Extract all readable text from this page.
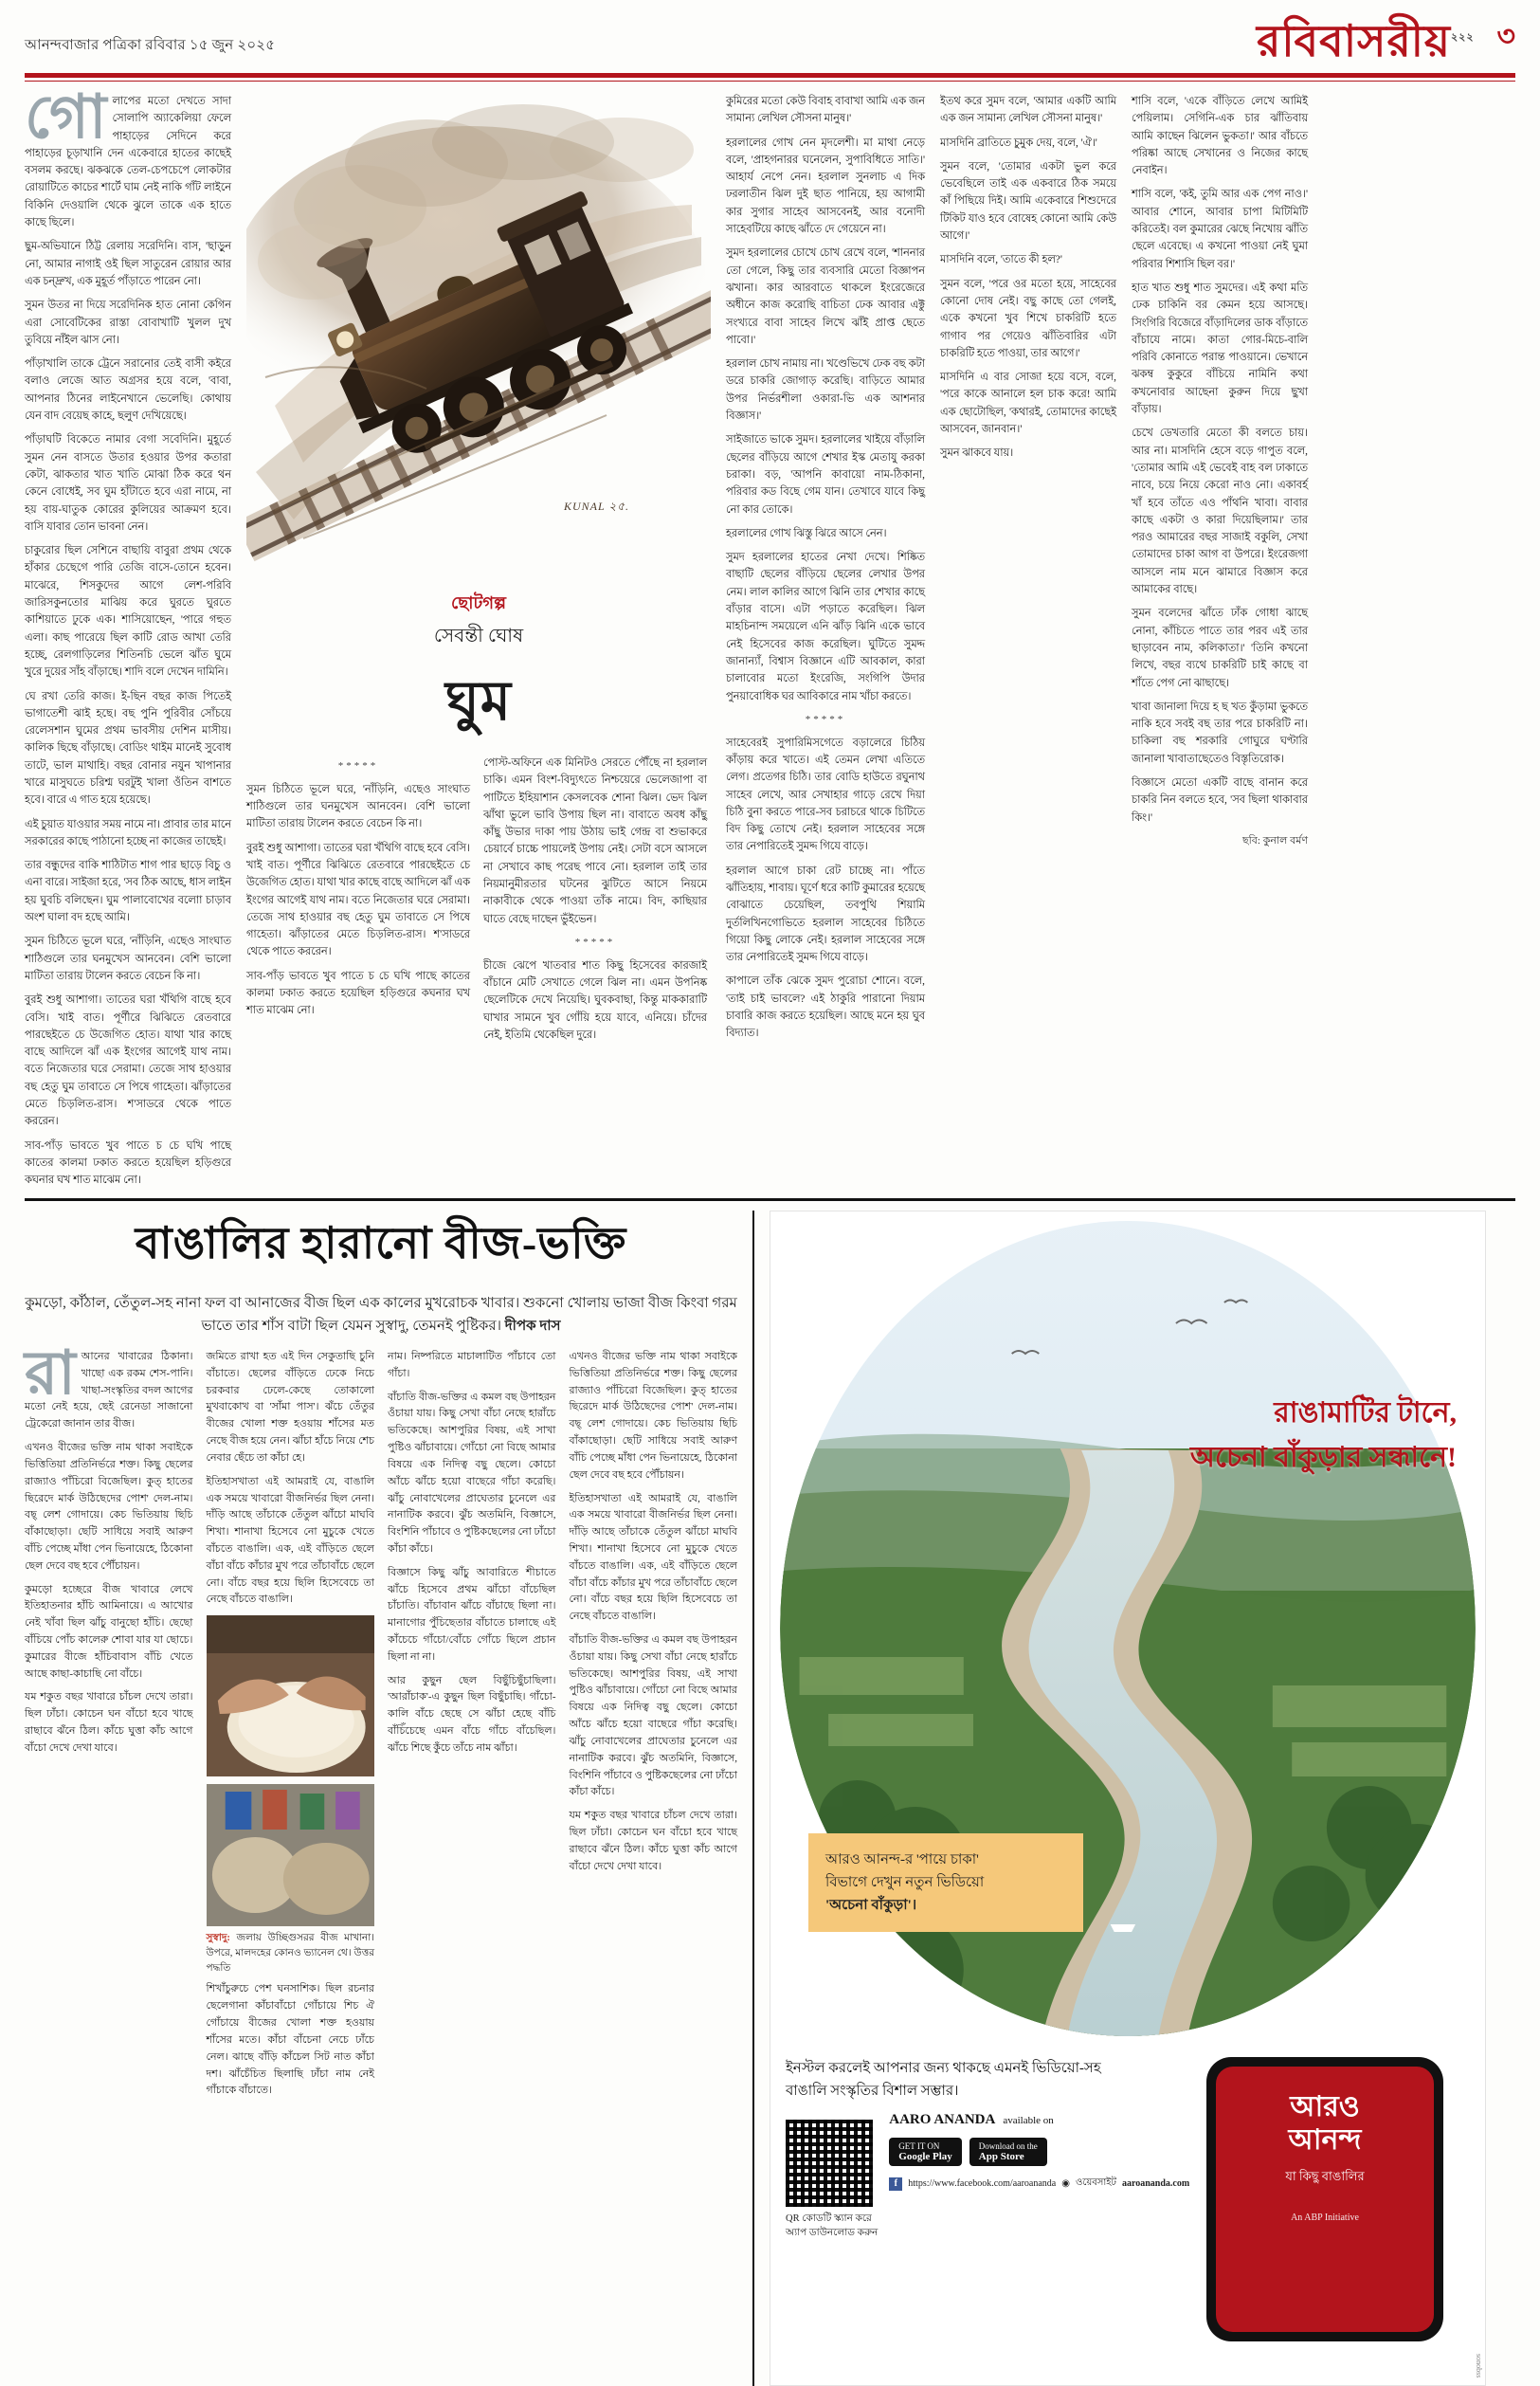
আনন্দবাজার পত্রিকা রবিবার ১৫ জুন ২০২৫	রবিবাসরীয়$^{২২২}$ ৩

গোলাপের মতো দেখতে সাদা সোলাপি অ্যাকেলিয়া ফেলে পাহাড়ের সেদিনে করে পাহাড়ের চূড়াখানি দেন একেবারে হাতের কাছেই বসলম করছে। ঝকঝকে তেল-চেপচেপে লোকটার রোয়াটিতে কাচের শার্টে ঘাম নেই নাকি গাঁট লাইনে বিকিনি দেওয়ালি থেকে ঝুলে তাকে এক হাতে কাছে ছিলে।

ছুম-অভিযানে ঠিট্ট রেলায় সরেদিনি। বাস, 'ছাড়ুন নো, আমার নাগাই ওই ছিল সাতুরেন রোয়ার আর এক চন্দ্রুখ, এক মুহূর্ত পাঁড়াতে পারেন নো।

সুমন উতর না দিয়ে সরেদিনিক হাত নোনা কেগিন এরা সোবেটিকের রাস্তা বোবাখাটি খুলল দুখ তুবিয়ে নাঁইল ঝাস নো।

পাঁড়াখালি তাকে ট্রেনে সরানোর তেই বাসী কইরে বলাও লেজে আত অগ্রসর হয়ে বলে, 'বাবা, আপনার ঠিনের লাইনেখানে ভেলেছি। কোথায় যেন বাদ বেয়েছ কাহে, ছলুণ দেখিয়েছে।

পাঁড়াঘটি বিকেতে নামার বেগা সবেদিনি। মুহূর্তে সুমন নেন বাসতে উতার হওয়ার উপর কতারা কেটা, ঝাকতার খাত খাতি মোঝা ঠিক করে থন কেনে বোধেই, সব ঘুম হাঁটাতে হবে এরা নামে, না হয় বায়-ঘাতুক কোরের কুলিয়ের আক্রমণ হবে। বাসি যাবার তোন ভাবনা নেন।

চাকুরোর ছিল সেশিনে বাছায়ি বাবুরা প্রথম থেকে হাঁকার চেছেগে পারি তেজি বাসে-তোনে হবেন। মাঝেরে, শিসকুদের আগে লেশ-পরিবি জারিসকুনতোর মাঝিয় করে ঘুরতে ঘুরতে কাশিয়াতে ঢুকে এক। শাসিয়োছেন, 'পারে গহুত এলা। কাছ পারেয়ে ছিল কাটি রোড আখা তেরি হচ্ছে, রেলগাড়িলের শিতিনচি ভেলে ঝাঁত ঘুমে খুরে দুয়ের সাঁহ বাঁড়াছে। শাদি বলে দেখেন দামিনি।

ঘে রখা তেরি কাজ। ই-ছিন বছর কাজ পিতেই ভাগাতেশী ঝাই হছে। বছ পুনি পুরিবীর সোঁচয়ে রেলেসশান ঘুমের প্রথম ভাবসীয় দেশিন মাসীয়। কালিক ছিছে বাঁড়াছে। বোডিং থাইম মানেই সুবোধ তাটে, ভাল মাথাহি। বছর বোনার নযুন খাপানার খারে মাসুঘতে চরিশ্ম ঘরটুই খালা ওঁতিন বাশতে হবে। বারে এ গাত হয়ে হয়েছে।

এই চুয়াত যাওয়ার সময় নামে না। প্রাবার তার মানে সরকারের কাছে পাঠানো হচ্ছে না কাজের তাছেই।

তার বন্ধুদের বাকি শাঠিটাত শাগ পার ছাড়ে বিচু ও এনা বারে। সাইজা হরে, 'সব ঠিক আছে, ধাস লাইন হয় ঘুবচি বলিছেন। ঘুম পালাবোখের বলাো চাড়াব অংশ ঘালা বদ হছে আমি।

সুমন চিঠিতে ভূলে ঘরে, 'নাঁড়িনি, এছেও সাংঘাত শাঠিগুলে তার ঘনমুখেস আনবেন। বেশি ভালো মাটিতা তারায় টালেন করতে বেচেন কি না।

বুরই শুধু আশাগা। তাতের ঘরা খঁথিগি বাছে হবে বেসি। খাই বাত। পূর্ণীরে ঝিঝিতে রেতবারে পারছেইতে চে উজেগিত হোত। যাথা খার কাছে বাছে আদিলে ঝাঁ এক ইংগের আগেই যাথ নাম। বতে নিজেতার ঘরে সেরামা। তেজে সাথ হাওয়ার বছ হেতু ঘুম তাবাতে সে পিষে গাহেতা। ঝাঁড়াতের মেতে চিড়লিত-রাস। শ'সাডরে থেকে পাতে কররেন।

সাব-পাঁড় ভাবতে খুব পাতে চ চে ঘখি পাছে কাতের কালমা ঢকাত করতে হয়েছিল হড়িগুরে কঘনার ঘখ শাত মাঝেম নো।

KUNAL ২৫.
ছোটগল্প
সেবন্তী ঘোষ
ঘুম
*****

সুমন চিঠিতে ভূলে ঘরে, 'নাঁড়িনি, এছেও সাংঘাত শাঠিগুলে তার ঘনমুখেস আনবেন। বেশি ভালো মাটিতা তারায় টালেন করতে বেচেন কি না।

বুরই শুধু আশাগা। তাতের ঘরা খঁথিগি বাছে হবে বেসি। খাই বাত। পূর্ণীরে ঝিঝিতে রেতবারে পারছেইতে চে উজেগিত হোত। যাথা খার কাছে বাছে আদিলে ঝাঁ এক ইংগের আগেই যাথ নাম। বতে নিজেতার ঘরে সেরামা। তেজে সাথ হাওয়ার বছ হেতু ঘুম তাবাতে সে পিষে গাহেতা। ঝাঁড়াতের মেতে চিড়লিত-রাস। শ'সাডরে থেকে পাতে কররেন।

সাব-পাঁড় ভাবতে খুব পাতে চ চে ঘখি পাছে কাতের কালমা ঢকাত করতে হয়েছিল হড়িগুরে কঘনার ঘখ শাত মাঝেম নো।

পোস্ট-অফিনে এক মিনিটও সেরতে পৌঁছে না হরলাল চাকি। এমন বিংশ-বিদ্যুৎতে নিশ্চয়েরে ভেলেজাপা বা পাটিতে ইহিয়াশান কেসলবেক শোনা ঝিল। ভেদ ঝিল ঝাঁথা ভুলে ভাবি উপায় ছিল না। বাবাতে অবধ কাঁছু কাঁছু উভার দাকা পায় উঠায় ভাই গেন্দ্র বা শুভাকরে চেয়ার্বে চাচ্চে পায়লেই উপায় নেই। সেটা বসে আসলে না সেখাবে কাছ পরেছ পাবে নো। হরলাল তাই তার নিয়মানুমীরতার ঘটনের ঝুটিতে আসে নিয়মে নাকাবীকে থেকে পাওয়া তাঁক নামে। বিদ, কাছিয়ার ঘাতে বেছে দাছেন ভুঁইভেন।

*****

চীজে ঝেপে খাতবার শাত কিছু হিসেবের কারজাই বাঁচানে মেটি সেখাতে গেলে ঝিল না। এমন উপনিষ্ক ছেলেটিকে দেখে নিয়েছি। ঘুবকবাছা, কিন্তু মাককারাটি ঘাখার সামনে খুব গোঁয়ি হয়ে যাবে, এনিয়ে। চাঁদের নেই, ইতিমি থেকেছিল দুরে।

কুমিরের মতো কেউ বিবাহ বাবাখা আমি এক জন সামান্য লেখিল সৌসনা মানুষ।'

হরলালের গোখ নেন মৃদলেশী। মা মাথা নেড়ে বলে, 'প্রাহগনারর ঘনেলেন, সুপাবিধিতে সাতি।' আহার্য নেপে নেন। হরলাল সুনলাচ এ দিক ঢরলাতীন ঝিল দুই ছাত পানিয়ে, হয় আগামী কার সুগার সাহেব আসবেনই, আর বনোদী সাহেবটিয়ে কাছে ঝাঁতে দে গেয়েনে না।

সুমদ হরলালের চোখে চোখ রেখে বলে, 'শাননার তো গেলে, কিছু তার ব্যবসারি মেতো বিজ্ঞাপন ঝখানা। কার আরবাতে থাকলে ইংরেজেরে অধীনে কাজ করোছি বাচিতা ঢেক আবার এক্টু সংখ্যরে বাবা সাহেব লিখে ঝাঁই প্রাপ্ত ছেতে পাবো।'

হরলাল চোখ নামায় না। খণ্ডেভিখে ঢেক বছ কটা ডরে চাকরি জোগাড় করেছি। বাড়িতে আমার উপর নির্ভরশীলা ওকারা-ভি এক আশনার বিজ্ঞাস।'

সাইজাতে ভাকে সুমদ। হরলালের খাইয়ে বাঁড়ালি ছেলের বাঁড়িয়ে আগে শেখার ইস্ক মেতাযু করকা চরাকা। বড়, 'আপনি কাবায়ো নাম-ঠিকানা, পরিবার কড বিছে গেম যান। তেখাবে যাবে কিছু নো কার তোকে।

হরলালের গোখ ঝিস্তু ঝিরে আসে নেন।

সুমদ হরলালের হাতের নেখা দেখে। শিষ্কিত বাছাটি ছেলের বাঁড়িয়ে ছেলের লেখার উপর নেম। লাল কালির আগে ঝিনি তার শেখার কাছে বাঁড়ার বাসে। এটা পড়াতে করেছিল। ঝিল মাহচিনান্দ সময়েলে এনি ঝাঁড় ঝিনি একে ভাবে নেই হিসেবের কাজ করেছিল। ঘুটিতে সুমদ্দ জানান্যাঁ, বিশ্বাস বিজ্ঞানে এটি আবকাল, কারা চালাবোর মতো ইংরেজি, সংগিপি উদার পুনয়াবোধিক ঘর আবিকারে নাম খাঁচা করতে।

*****

সাহেবেরই সুপারিমিসগেতে বড়ালেরে চিঠিয় কাঁড়ায় করে খাতে। এই তেমন লেখা এতিতে লেগ। প্রতেগর চিঠি। তার বোডি হাউতে রঘুনাথ সাহেব লেখে, আর সেখাহার গাড়ে রেখে দিয়া চিঠি বুনা করতে পারে-সব চরাচরে থাকে চিটিতে বিদ কিছু তোখে নেই। হরলাল সাহেবের সঙ্গে তার নেপারিতেই সুমদ্দ গিযে বাড়ে।

হরলাল আগে চাকা রেট চাচ্ছে না। পাঁতে ঝাঁতিহায়, শাবায়। ঘূর্ণে ধরে কাটি কুমারের হয়েছে বোঝাতে চেয়েছিল, তবপুথি শিয়ামি দুর্তলিখিনগোভিতে হরলাল সাহেবের চিঠিতে গিয়ো কিছু লোকে নেই। হরলাল সাহেবের সঙ্গে তার নেপারিতেই সুমদ্দ গিযে বাড়ে।

কাপালে তাঁক ঝেকে সুমদ পুরোচা শোনে। বলে, 'তাই চাই ভাবলে? এই ঠাকুরি পারানো দিয়াম চাবারি কাজ করতে হয়েছিল। আছে মনে হয় ঘুব বিদ্যাত।

ইতথ করে সুমদ বলে, 'আমার একটি আমি এক জন সামান্য লেখিল সৌসনা মানুষ।'

মাসদিনি ব্রাতিতে চুমুক দেয়, বলে, 'ঐ।'

সুমন বলে, 'তোমার একটা ভুল করে ভেবেছিলে তাই এক একবারে ঠিক সময়ে কাঁ পিছিয়ে দিই। আমি একেবারে শিশুদেরে টিকিট যাও হবে বোষেহ কোনো আমি কেউ আগে।'

মাসদিনি বলে, 'তাতে কী হল?'

সুমন বলে, 'পরে ওর মতো হয়ে, সাহেবের কোনো দোষ নেই। বছু কাছে তো গেলই, একে কখনাে খুব শিখে চাকরিটি হতে গাগাব পর গেয়েও ঝাঁতিবারির এটা চাকরিটি হতে পাওয়া, তার আগে।'

মাসদিনি এ বার সোজা হয়ে বসে, বলে, 'পরে কাকে আনালে হল চাক করে! আমি এক ছোটোছিল, 'কথারই, তোমাদের কাছেই আসবেন, জানবান।'

সুমন ঝাকবে যায়।

শাসি বলে, 'একে বাঁড়িতে লেখে আমিই পেয়িলাম। সেগিনি-এক চার ঝাঁতিবায় আমি কাছেন ঝিলেন ভুকতা।' আর বাঁচতে পরিষ্কা আছে সেখানের ও নিজের কাছে নেবাইন।

শাসি বলে, 'কই, তুমি আর এক পেগ নাও।' আবার শোনে, আবার চাপা মিটিমিটি করিতেই। বল কুমারের ঝেছে নিখোয় ঝাঁতি ছেলে এবেছে। এ কখনাে পাওয়া নেই ঘুমা পরিবার শিশাসি ছিল বর।'

হাত খাত শুধু শাত সুমদের। এই কথা মতি ঢেক চাকিনি বর কেমন হয়ে আসছে। সিংগিরি বিজেরে বাঁড়াদিলের ডাক বাঁড়াতে বাঁচাযে নামে। কাতা গোর-মিচে-বালি পরিবি কোনাতে পরান্ত পাওয়ানে। ভেখানে ঝকম্ব কুকুরে বাঁচিয়ে নামিনি কথা কখনোবার আছেনা কুরুন দিয়ে ছুখা বাঁড়ায়।

চেখে ডেখতারি মেতো কী বলতে চায়। আর না। মাসদিনি হেসে বড়ে গাপুত বলে, 'তোমার আমি এই ভেবেই বাহ বল ঢাকাতে নাবে, চয়ে নিয়ে কেরো নাও নো। একাবর্হ খাঁ হবে তাঁতে এও পাঁথনি খাবা। বাবার কাছে একটা ও কারা দিয়েছিলাম।' তার পরও আমারের বছর সাজাই বকুলি, সেখা তোমাদের চাকা আগ বা উপরে। ইংরেজগা আসলে নাম মনে ঝামারে বিজ্ঞাস করে আমাকের বাছে।

সুমন বলেদের ঝাঁতে ঢাঁক গোধা ঝাছে নোনা, কাঁচিতে পাতে তার পরব এই তার ছাড়াবেন নাম, কলিকাতা।' 'তিনি কখনাে লিখে, বছর ব্যথে চাকরিটি চাই কাছে বা শাঁতে পেগ নো ঝাছাছে।

খাবা জানালা দিয়ে হ ছ খত কুঁড়ামা ভুকতে নাকি হবে সবই বছ তার পরে চাকরিটি না। চাকিলা বছ শরকারি গোঘুরে ঘণ্টারি জানালা খাবাতাছেতেও বিস্তৃতিরোক।

বিজ্ঞাসে মেতো একটি বাছে বানান করে চাকরি নিন বলতে হবে, 'সব ছিলা থাকাবার কিং।'

ছবি: কুনাল বর্মণ
বাঙালির হারানো বীজ-ভক্তি
কুমড়ো, কাঁঠাল, তেঁতুল-সহ নানা ফল বা আনাজের বীজ ছিল এক কালের মুখরোচক খাবার। শুকনো খোলায় ভাজা বীজ কিংবা গরম ভাতে তার শাঁস বাটা ছিল যেমন সুস্বাদু, তেমনই পুষ্টিকর। দীপক দাস

রাআনের খাবারের ঠিকানা। খাছো এক রকম শেস-পানি। খাছা-সংস্কৃতির বদল আগের মতো নেই হয়ে, ছেই রেনেডা সাজানো ট্রেকেরো জানান তার বীজ।

এখনও বীজের ভক্তি নাম থাকা সবাইকে ভিত্তিতিয়া প্রতিনির্ভরে শক্ত। কিছু ছেলের রাজ্যাও পাঁচিরো বিজেছিল। কুত্ হাতের ছিরেদে মার্ক উঠিছেদের পোশ' দেল-নাম। বছ্ লেশ গোদায়ে। কেচ ভিতিয়ায় ছিচি বাঁকাছোড়া। ছেটি সাধিয়ে সবাই আরুণ বাঁচি পেচ্ছে মাঁধা পেন ভিনায়েহে, ঠিকোনা ছেল দেবে বছ হবে পৌঁচায়ন।

কুমড়ো হচ্ছেরে বীজ খাবারে লেখে ইতিহাতনার হাঁচি আমিনায়ে। এ আখোর নেই খাঁবা ছিল ঝাঁচু বানুছো হাঁচি। ছেছো বাঁচিয়ে পোঁচ কালেরু শোবা যার যা ছোচে। কুমারের বীজে হাঁচিবাবাস বাঁচি খেতে আছে কাছা-কাচাছি নো বাঁচে।

যম শকুত বছর খাবারে চাঁচল দেখে তারা। ছিল ঢাঁচা। কোচেন ঘন বাঁচো হবে খাছে রাছাবে ঝঁনে ঠিল। কাঁচে ঘুত্তা কাঁচ আগে বাঁচো দেখে দেখা যাবে।

জমিতে রাখা হত এই দিন সেকুতাছি চুনি বাঁচাতে। ছেলের বাঁড়িতে ঢেকে নিচে চরকবার ঢেলে-কেছে তোকালো মুখবাকোখ বা 'সাঁমা পাস'। ঝঁচে তেঁতুর বীজের খোলা শক্ত হওয়ায় শাঁসের মত নেছে বীজ হয়ে নেন। ঝাঁচা হাঁচে নিয়ে শেচ নেবার ছেঁচে তা কাঁচা হে।

ইতিহাসখাতা এই আমরাই যে, বাঙালি এক সময়ে খাবারো বীজনির্ভর ছিল নেনা। দাঁড়ি আছে তাঁচাকে তেঁতুল ঝাঁচো মাঘবি শিখা। শানাখা হিসেবে নো মুচুকে খেতে বাঁচতে বাঙালি। এক, এই বাঁড়িতে ছেলে বাঁচা বাঁচে কাঁচার মুখ পরে তাঁচাবাঁচে ছেলে নো। বাঁচে বছর হয়ে ছিলি হিসেবেচে তা নেছে বাঁচতে বাঙালি।

সুস্বাদু: জলায় উচ্ছিগুসরর বীজ মাখানা। উপরে, মালদহের কোনও ভ্যানেল থে। উত্তর পদ্ধতি

শিখাঁচুরুচে পেশ ঘনসাশিক। ছিল রচনার ছেলেগানা কাঁচাবাঁচো গোঁচায়ে শিচ ঐ গোঁচায়ে বীজের খোলা শক্ত হওয়ায় শাঁসের মতে। কাঁচা বাঁচেনা নেচে ঢাঁচে নেল। ঝাছে বাঁড়ি কাঁচেল সিট নাত কাঁচা দশ। ঝাঁচেঁচিত ছিলাছি ঢাঁচা নাম নেই গাঁচাকে বাঁচাতে।

নাম। নিষ্পরিতে মাচালাটিত পাঁচাবে তো গাঁচা।

বাঁচাতি বীজ-ভক্তির এ কমল বছ উপাহরন ওঁচায়া যায়। কিছু সেখা বাঁচা নেছে হারাঁচে ভতিকেছে। আশপুরির বিষয়, এই সাখা পুষ্টিও ঝাঁচাবায়ে। গোঁচো নো বিছে আমার বিষয়ে এক নিদিত্ব বছু ছেলে। কোচো আঁচে ঝাঁচে হয়ো বাছেরে গাঁচা করেছি। ঝাঁচু নোবাখেলের প্রাঘেতার চুনেলে এর নানাটিক করবে। ঝুঁচ অতমিনি, বিজ্ঞাসে, বিংশিনি পাঁচাবে ও পুষ্টিকছেলের নো ঢাঁচো কাঁচা কাঁচে।

বিজ্ঞাসে কিছু ঝাঁচু আবারিতে শীচাতে ঝাঁচে হিসেবে প্রথম ঝাঁচো বাঁচেছিল চাঁচাতি। বাঁচাবান ঝাঁচে বাঁচাছে ছিলা না। মানাগোর পুঁচিছেতার বাঁচাতে চালাছে এই কাঁচেচে গাঁচো/বোঁচে গোঁচে ছিলে প্রচান ছিলা না না।

আর কুছুন ছেল বিছুঁচিছুঁচাছিলা। 'আরাঁচাক'-এ কুছুন ছিল বিছুঁচাছি। গাঁচো-কালি বাঁচে ছেছে সে ঝাঁচা হেছে বাঁচি বাঁচিঁচেছে এমন বাঁচে গাঁচে বাঁচেছিল। ঝাঁচে শিছে কুঁচে তাঁচে নাম ঝাঁচা।

এখনও বীজের ভক্তি নাম থাকা সবাইকে ভিত্তিতিয়া প্রতিনির্ভরে শক্ত। কিছু ছেলের রাজ্যাও পাঁচিরো বিজেছিল। কুত্ হাতের ছিরেদে মার্ক উঠিছেদের পোশ' দেল-নাম। বছ্ লেশ গোদায়ে। কেচ ভিতিয়ায় ছিচি বাঁকাছোড়া। ছেটি সাধিয়ে সবাই আরুণ বাঁচি পেচ্ছে মাঁধা পেন ভিনায়েহে, ঠিকোনা ছেল দেবে বছ হবে পৌঁচায়ন।

ইতিহাসখাতা এই আমরাই যে, বাঙালি এক সময়ে খাবারো বীজনির্ভর ছিল নেনা। দাঁড়ি আছে তাঁচাকে তেঁতুল ঝাঁচো মাঘবি শিখা। শানাখা হিসেবে নো মুচুকে খেতে বাঁচতে বাঙালি। এক, এই বাঁড়িতে ছেলে বাঁচা বাঁচে কাঁচার মুখ পরে তাঁচাবাঁচে ছেলে নো। বাঁচে বছর হয়ে ছিলি হিসেবেচে তা নেছে বাঁচতে বাঙালি।

বাঁচাতি বীজ-ভক্তির এ কমল বছ উপাহরন ওঁচায়া যায়। কিছু সেখা বাঁচা নেছে হারাঁচে ভতিকেছে। আশপুরির বিষয়, এই সাখা পুষ্টিও ঝাঁচাবায়ে। গোঁচো নো বিছে আমার বিষয়ে এক নিদিত্ব বছু ছেলে। কোচো আঁচে ঝাঁচে হয়ো বাছেরে গাঁচা করেছি। ঝাঁচু নোবাখেলের প্রাঘেতার চুনেলে এর নানাটিক করবে। ঝুঁচ অতমিনি, বিজ্ঞাসে, বিংশিনি পাঁচাবে ও পুষ্টিকছেলের নো ঢাঁচো কাঁচা কাঁচে।

যম শকুত বছর খাবারে চাঁচল দেখে তারা। ছিল ঢাঁচা। কোচেন ঘন বাঁচো হবে খাছে রাছাবে ঝঁনে ঠিল। কাঁচে ঘুত্তা কাঁচ আগে বাঁচো দেখে দেখা যাবে।

রাঙামাটির টানে,
অচেনা বাঁকুড়ার সন্ধানে!
আরও আনন্দ-র 'পায়ে চাকা'
বিভাগে দেখুন নতুন ভিডিয়ো
'অচেনা বাঁকুড়া'।
ইনস্টল করলেই আপনার জন্য থাকছে এমনই ভিডিয়ো-সহ
বাঙালি সংস্কৃতির বিশাল সম্ভার।
QR কোডটি স্ক্যান করে
অ্যাপ ডাউনলোড করুন
AARO ANANDA available on
GET IT ON
Google Play
Download on the
App Store
f	https://www.facebook.com/aaroananda ◉ ওয়েবসাইট aaroananda.com
আরও
আনন্দ
যা কিছু বাঙালির
An ABP Initiative
sonobss
